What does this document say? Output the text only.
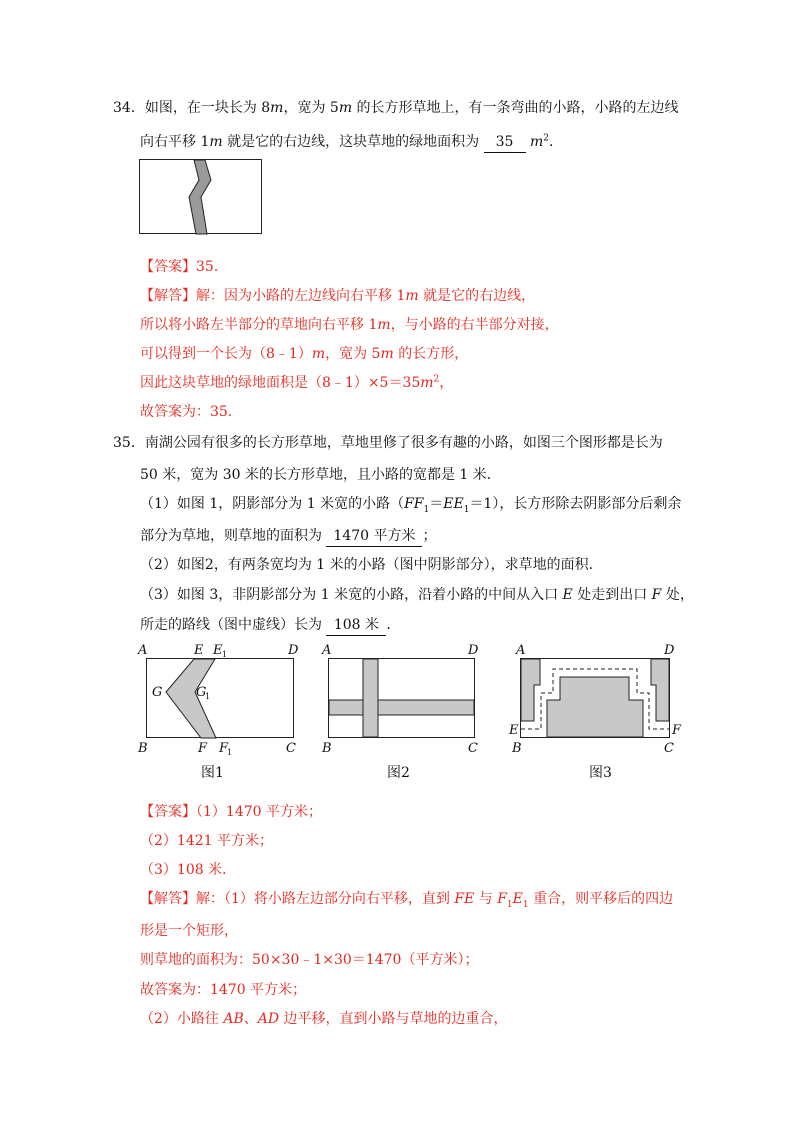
34．如图，在一块长为 8m，宽为 5m 的长方形草地上，有一条弯曲的小路，小路的左边线
向右平移 1m 就是它的右边线，这块草地的绿地面积为 35 $m^2$．
【答案】35．
【解答】解：因为小路的左边线向右平移 1m 就是它的右边线，
所以将小路左半部分的草地向右平移 1m，与小路的右半部分对接，
可以得到一个长为（8﹣1）m，宽为 5m 的长方形，
因此这块草地的绿地面积是$(8﹣1)\times 5=35m^2$，
故答案为：35．
35．南湖公园有很多的长方形草地，草地里修了很多有趣的小路，如图三个图形都是长为
50 米，宽为 30 米的长方形草地，且小路的宽都是 1 米．
（1）如图 1，阴影部分为 1 米宽的小路$(FF_1=EE_1=1)$，长方形除去阴影部分后剩余
部分为草地，则草地的面积为 1470 平方米 ；
（2）如图2，有两条宽均为 1 米的小路（图中阴影部分），求草地的面积．
（3）如图 3，非阴影部分为 1 米宽的小路，沿着小路的中间从入口 E 处走到出口 F 处，
所走的路线（图中虚线）长为 108 米 ．
A	D
E E 1
G	G
1
B	F F
1	C
图1
A	D
B	C
图2
A	D
E	F
B	C
图3
【答案】（1）1470 平方米；
（2）1421 平方米；
（3）108 米．
【解答】解：（1）将小路左边部分向右平移，直到 FE 与 $F_1E_1$ 重合，则平移后的四边
形是一个矩形，
则草地的面积为：50×30﹣1×30＝1470（平方米）；
故答案为：1470 平方米；
（2）小路往 AB、AD 边平移，直到小路与草地的边重合，
